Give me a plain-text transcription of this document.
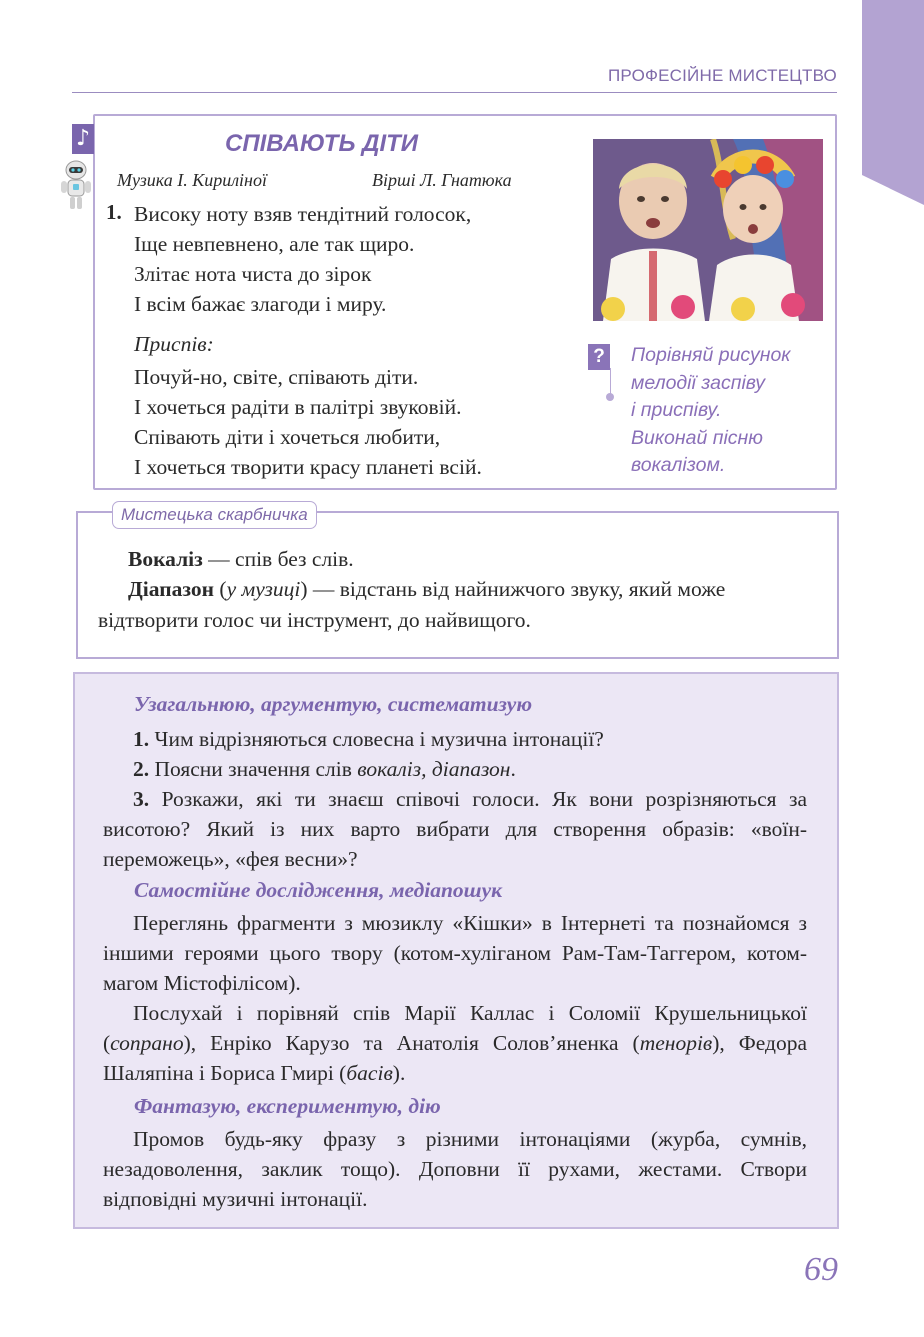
ПРОФЕСІЙНЕ МИСТЕЦТВО
♪	СПІВАЮТЬ ДІТИ
Музика І. Кирилiної	Вірші Л. Гнатюка
1. Високу ноту взяв тендітний голосок,
Іще невпевнено, але так щиро.
Злітає нота чиста до зірок
І всім бажає злагоди і миру.
Приспів:
Почуй-но, світе, співають діти.
І хочеться радіти в палітрі звуковій.
Співають діти і хочеться любити,
І хочеться творити красу планеті всій.
? Порівняй рисунок
мелодії заспіву
і приспіву.
Виконай пісню
вокалізом.
Мистецька скарбничка

Вокаліз — спів без слів.

Діапазон (у музиці) — відстань від найнижчого звуку, який може відтворити голос чи інструмент, до найвищого.

Узагальнюю, аргументую, систематизую

1. Чим відрізняються словесна і музична інтонації?

2. Поясни значення слів вокаліз, діапазон.

3. Розкажи, які ти знаєш співочі голоси. Як вони розрізняються за висотою? Який із них варто вибрати для створення образів: «воїн-переможець», «фея весни»?

Самостійне дослідження, медіапошук

Переглянь фрагменти з мюзиклу «Кішки» в Інтернеті та познайомся з іншими героями цього твору (котом-хуліганом Рам-Там-Таггером, котом-магом Містофілісом).

Послухай і порівняй спів Марії Каллас і Соломії Крушельницької (сопрано), Енріко Карузо та Анатолія Солов’яненка (тенорів), Федора Шаляпіна і Бориса Гмирі (басів).

Фантазую, експериментую, дію

Промов будь-яку фразу з різними інтонаціями (журба, сумнів, незадоволення, заклик тощо). Доповни її рухами, жестами. Створи відповідні музичні інтонації.

69
